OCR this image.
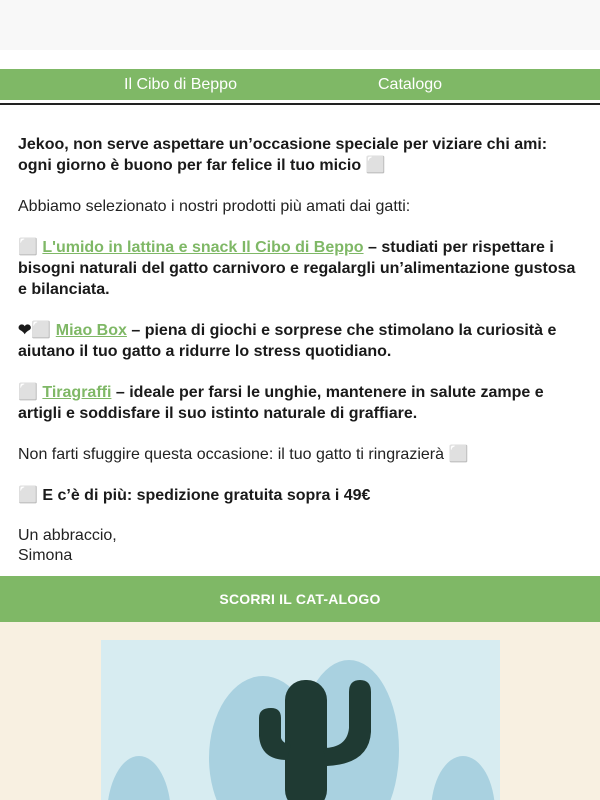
Il Cibo di Beppo	Catalogo

Jekoo, non serve aspettare un’occasione speciale per viziare chi ami:
ogni giorno è buono per far felice il tuo micio ⬜

Abbiamo selezionato i nostri prodotti più amati dai gatti:

⬜ L'umido in lattina e snack Il Cibo di Beppo – studiati per rispettare i bisogni naturali del gatto carnivoro e regalargli un’alimentazione gustosa e bilanciata.

❤⬜ Miao Box – piena di giochi e sorprese che stimolano la curiosità e aiutano il tuo gatto a ridurre lo stress quotidiano.

⬜ Tiragraffi – ideale per farsi le unghie, mantenere in salute zampe e artigli e soddisfare il suo istinto naturale di graffiare.

Non farti sfuggire questa occasione: il tuo gatto ti ringrazierà ⬜

⬜ E c’è di più: spedizione gratuita sopra i 49€

Un abbraccio,
Simona

SCORRI IL CAT-ALOGO
